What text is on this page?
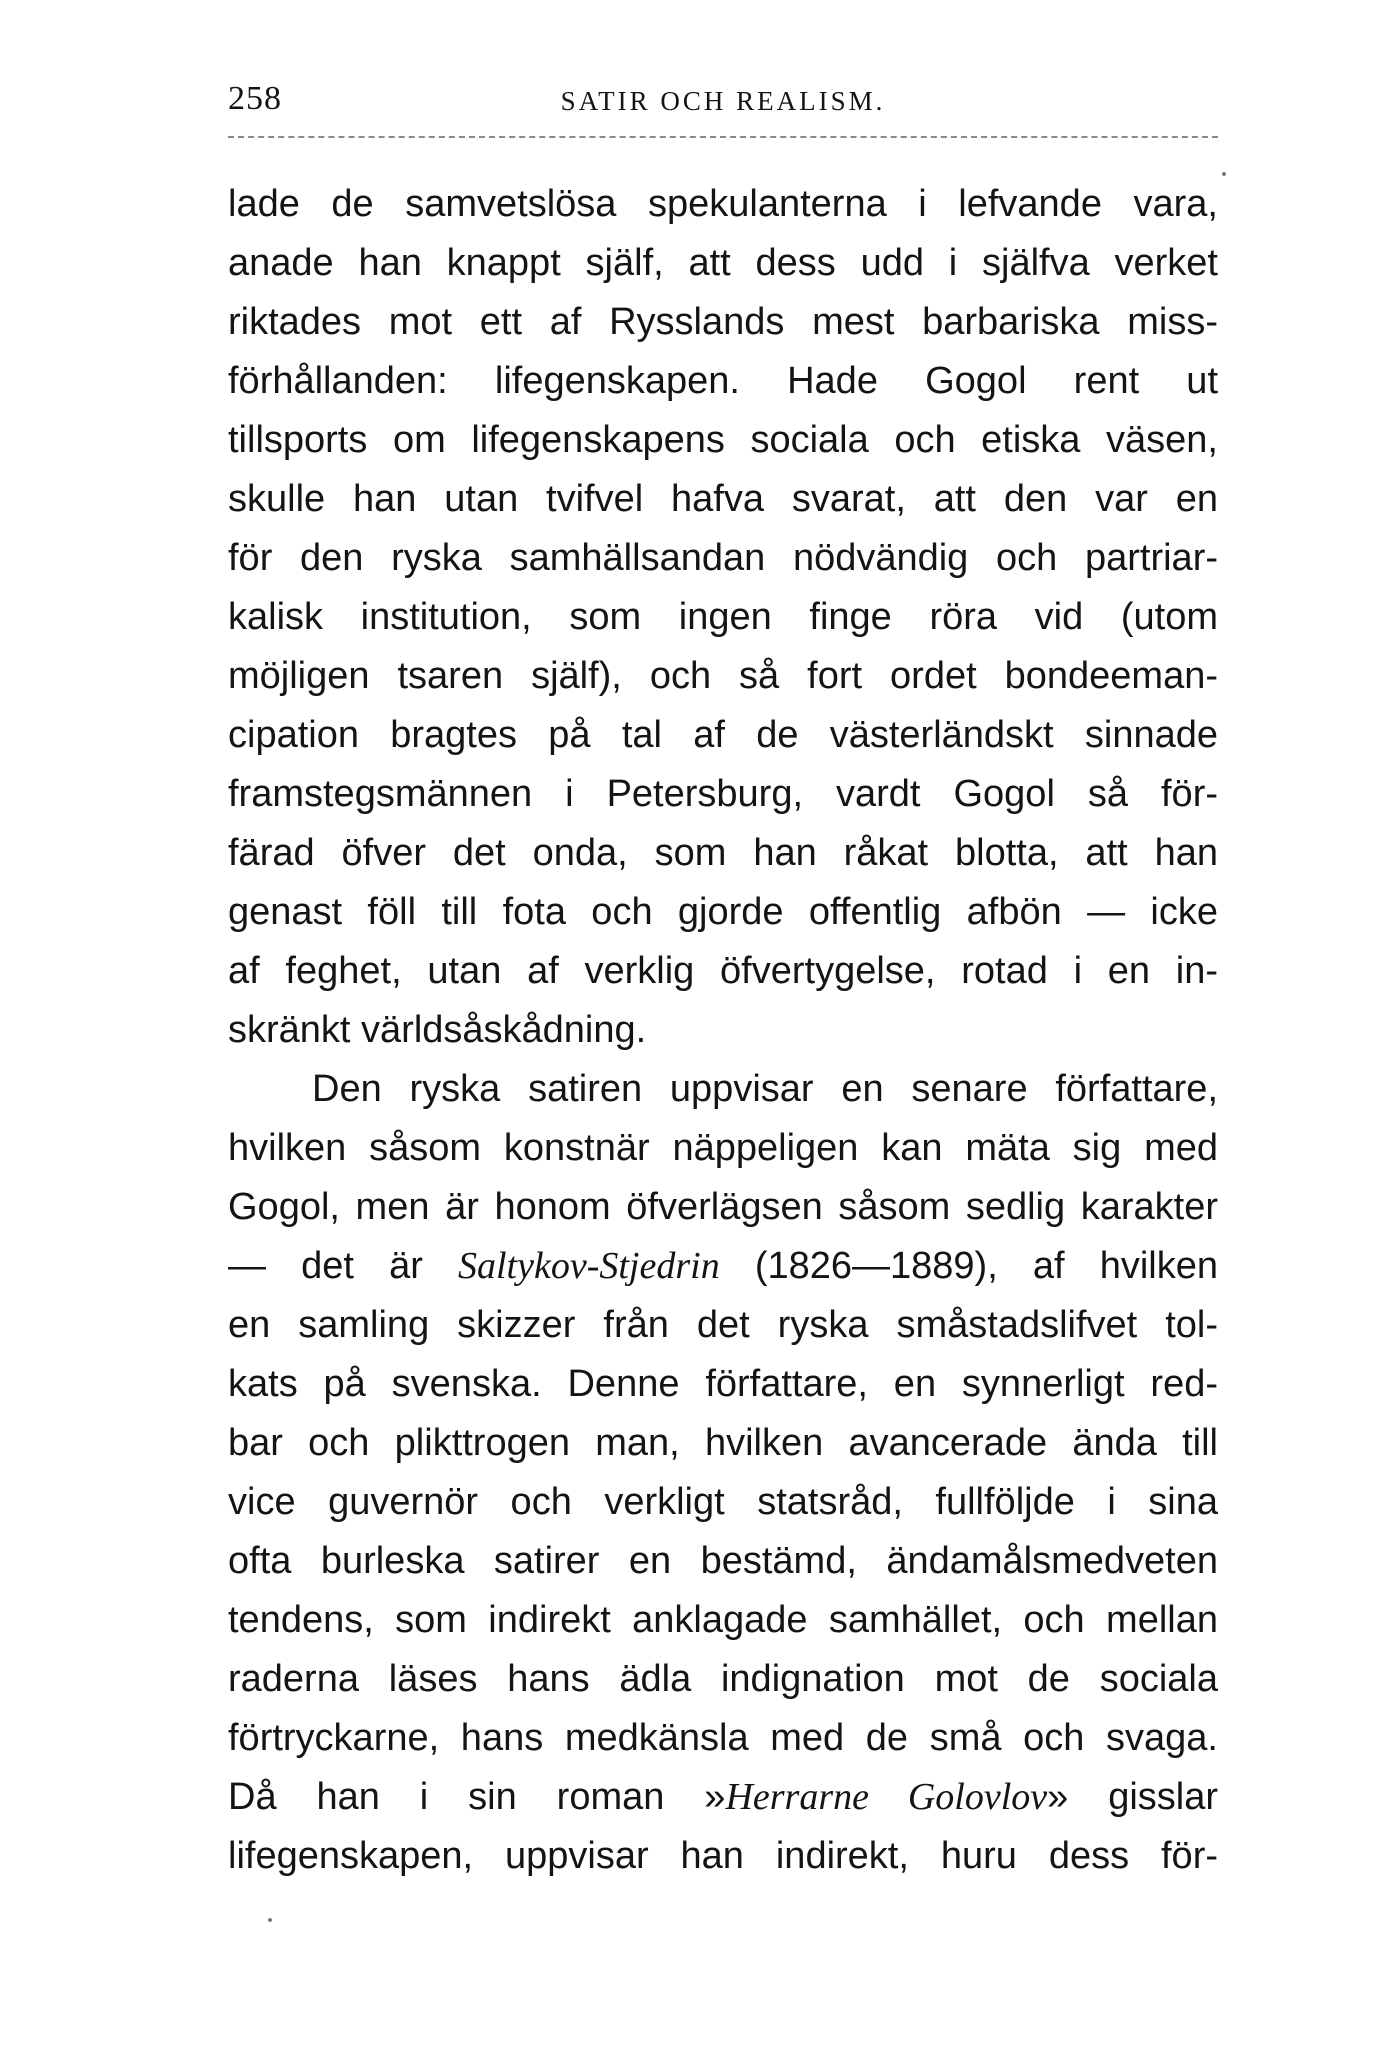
258	SATIR OCH REALISM.
lade de samvetslösa spekulanterna i lefvande vara,
anade han knappt själf, att dess udd i själfva verket
riktades mot ett af Rysslands mest barbariska miss-
förhållanden: lifegenskapen. Hade Gogol rent ut
tillsports om lifegenskapens sociala och etiska väsen,
skulle han utan tvifvel hafva svarat, att den var en
för den ryska samhällsandan nödvändig och partriar-
kalisk institution, som ingen finge röra vid (utom
möjligen tsaren själf), och så fort ordet bondeeman-
cipation bragtes på tal af de västerländskt sinnade
framstegsmännen i Petersburg, vardt Gogol så för-
färad öfver det onda, som han råkat blotta, att han
genast föll till fota och gjorde offentlig afbön — icke
af feghet, utan af verklig öfvertygelse, rotad i en in-
skränkt världsåskådning.
Den ryska satiren uppvisar en senare författare,
hvilken såsom konstnär näppeligen kan mäta sig med
Gogol, men är honom öfverlägsen såsom sedlig karakter
— det är Saltykov-Stjedrin (1826—1889), af hvilken
en samling skizzer från det ryska småstadslifvet tol-
kats på svenska. Denne författare, en synnerligt red-
bar och plikttrogen man, hvilken avancerade ända till
vice guvernör och verkligt statsråd, fullföljde i sina
ofta burleska satirer en bestämd, ändamålsmedveten
tendens, som indirekt anklagade samhället, och mellan
raderna läses hans ädla indignation mot de sociala
förtryckarne, hans medkänsla med de små och svaga.
Då han i sin roman »Herrarne Golovlov» gisslar
lifegenskapen, uppvisar han indirekt, huru dess för-
